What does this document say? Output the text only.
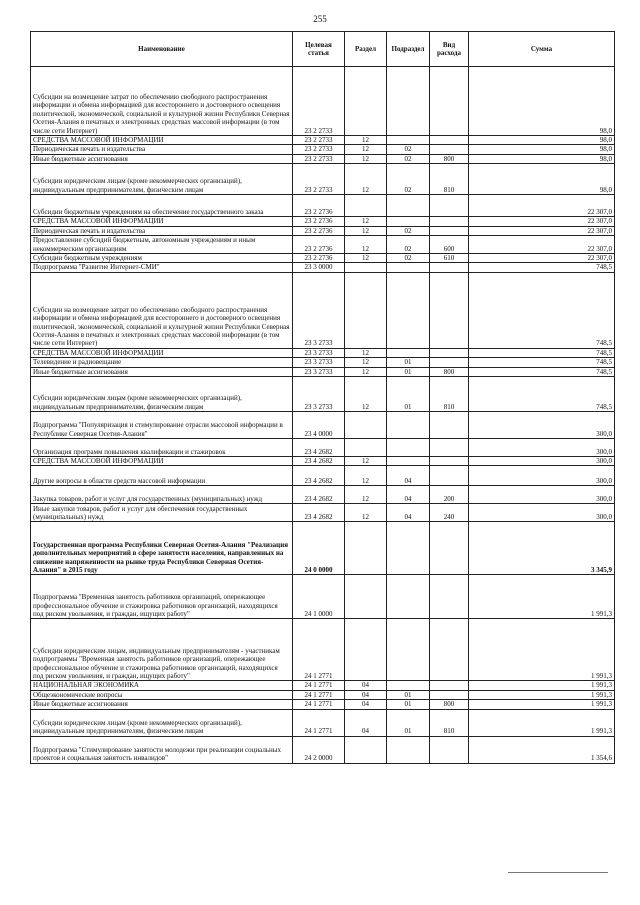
255
Наименование	Целевая статья	Раздел	Подраздел	Вид расхода	Сумма
Субсидии на возмещение затрат по обеспечению свободного распространения информации и обмена информацией для всестороннего и достоверного освещения политической, экономической, социальной и культурной жизни Республики Северная Осетия-Алания в печатных и электронных средствах массовой информации (в том числе сети Интернет)	23 2 2733				98,0
СРЕДСТВА МАССОВОЙ ИНФОРМАЦИИ	23 2 2733	12			98,0
Периодическая печать и издательства	23 2 2733	12	02		98,0
Иные бюджетные ассигнования	23 2 2733	12	02	800	98,0
Субсидии юридическим лицам (кроме некоммерческих организаций), индивидуальным предпринимателям, физическим лицам	23 2 2733	12	02	810	98,0
Субсидии бюджетным учреждениям на обеспечение государственного заказа	23 2 2736				22 307,0
СРЕДСТВА МАССОВОЙ ИНФОРМАЦИИ	23 2 2736	12			22 307,0
Периодическая печать и издательства	23 2 2736	12	02		22 307,0
Предоставление субсидий бюджетным, автономным учреждениям и иным некоммерческим организациям	23 2 2736	12	02	600	22 307,0
Субсидии бюджетным учреждениям	23 2 2736	12	02	610	22 307,0
Подпрограмма "Развитие Интернет-СМИ"	23 3 0000				748,5
Субсидии на возмещение затрат по обеспечению свободного распространения информации и обмена информацией для всестороннего и достоверного освещения политической, экономической, социальной и культурной жизни Республики Северная Осетия-Алания в печатных и электронных средствах массовой информации (в том числе сети Интернет)	23 3 2733				748,5
СРЕДСТВА МАССОВОЙ ИНФОРМАЦИИ	23 3 2733	12			748,5
Телевидение и радиовещание	23 3 2733	12	01		748,5
Иные бюджетные ассигнования	23 3 2733	12	01	800	748,5
Субсидии юридическим лицам (кроме некоммерческих организаций), индивидуальным предпринимателям, физическим лицам	23 3 2733	12	01	810	748,5
Подпрограмма "Популяризация и стимулирование отрасли массовой информации в Республике Северная Осетия-Алания"	23 4 0000				300,0
Организация программ повышения квалификации и стажировок	23 4 2682				300,0
СРЕДСТВА МАССОВОЙ ИНФОРМАЦИИ	23 4 2682	12			300,0
Другие вопросы в области средств массовой информации	23 4 2682	12	04		300,0
Закупка товаров, работ и услуг для государственных (муниципальных) нужд	23 4 2682	12	04	200	300,0
Иные закупки товаров, работ и услуг для обеспечения государственных (муниципальных) нужд	23 4 2682	12	04	240	300,0
Государственная программа Республики Северная Осетия-Алания "Реализация дополнительных мероприятий в сфере занятости населения, направленных на снижение напряженности на рынке труда Республики Северная Осетия-Алания" в 2015 году	24 0 0000				3 345,9
Подпрограмма "Временная занятость работников организаций, опережающее профессиональное обучение и стажировка работников организаций, находящихся под риском увольнения, и граждан, ищущих работу"	24 1 0000				1 991,3
Субсидии юридическим лицам, индивидуальным предпринимателям - участникам подпрограммы "Временная занятость работников организаций, опережающее профессиональное обучение и стажировка работников организаций, находящихся под риском увольнения, и граждан, ищущих работу"	24 1 2771				1 991,3
НАЦИОНАЛЬНАЯ ЭКОНОМИКА	24 1 2771	04			1 991,3
Общеэкономические вопросы	24 1 2771	04	01		1 991,3
Иные бюджетные ассигнования	24 1 2771	04	01	800	1 991,3
Субсидии юридическим лицам (кроме некоммерческих организаций), индивидуальным предпринимателям, физическим лицам	24 1 2771	04	01	810	1 991,3
Подпрограмма "Стимулирование занятости молодежи при реализации социальных проектов и социальная занятость инвалидов"	24 2 0000				1 354,6
